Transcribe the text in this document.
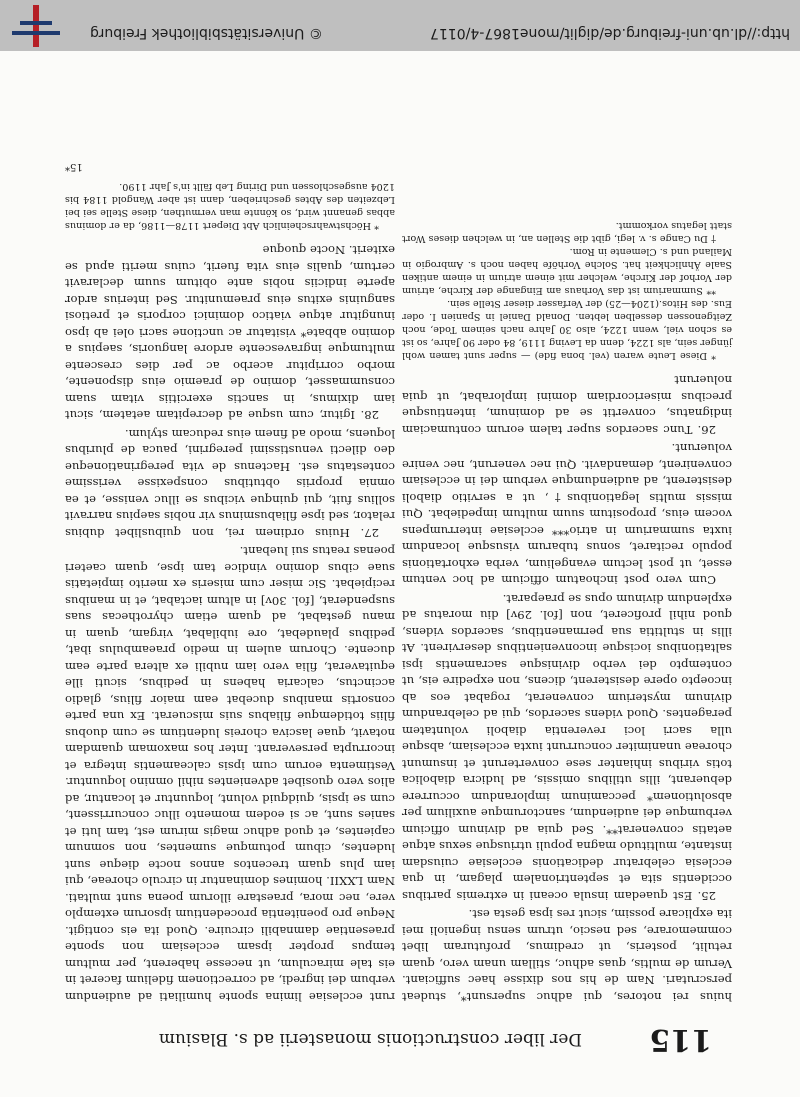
115
Der liber constructionis monasterii ad s. Blasium

huius rei notores, qui adhuc supersunt*, studeat perscrutari. Nam de his nos dixisse haec sufficiant. Verum de multis, quas adhuc, stillam unam vero, quam retulit, posteris, ut credimus, profuturam libet commemorare, sed nescio, utrum sensu ingenioli mei ita explicare possim, sicut res ipsa gesta est.

25. Est quaedam insula oceani in extremis partibus occidentis sita et septentrionalem plagam, in qua ecclesia celebratur dedicationis ecclesiae cuiusdam instante, multitudo magna populi utriusque sexus atque aetatis convenerat**. Sed quia ad divinum officium verbumque dei audiendum, sanctorumque auxilium per absolutionem* peccaminum implorandum occurrere debuerant, illis utilibus omissis, ad ludicra diabolica totis viribus inhianter sese converterunt et insumunt choreae unanimiter concurrunt iuxta ecclesiam, absque ulla sacri loci reverentia diaboli voluntatem peragentes. Quod videns sacerdos, qui ad celebrandum divinum mysterium convenerat, rogabat eos ab incoepto opere desisterent, dicens, non expedire eis, ut contempto dei verbo divinisque sacramentis ipsi saltationibus iocisque inconvenientibus deservirent. At illis in stultitia sua permanentibus, sacerdos videns, quod nihil proficeret, non [fol. 29v] diu moratus ad explendum divinum opus se praeparat.

Cum vero post inchoatum officium ad hoc ventum esset, ut post lectum evangelium, verba exhortationis populo recitaret, sonus tubarum visusque locandum iuxta summarium in atrio*** ecclesiae interrumpens vocem eius, propositum suum multum impediebat. Qui missis multis legationibus†, ut a servitio diaboli desisterent, ad audiendumque verbum dei in ecclesiam convenirent, demandavit. Qui nec venerunt, nec venire voluerunt.

26. Tunc sacerdos super talem eorum contumaciam indignatus, convertit se ad dominum, intentiusque precibus misericordiam domini implorabat, ut quia noluerunt

* Diese Leute waren (vel. bona fide) — super sunt tamen wohl jünger sein, als 1224, denn da Leving 1119, 84 oder 90 Jahre, so ist es schon viel, wenn 1224, also 30 Jahre nach seinem Tode, noch Zeitgenossen desselben lebten. Donald Daniel in Spanien I. oder Eus. des Hitos.(1204—25) der Verfasser dieser Stelle sein.

** Summarium ist das Vorhaus am Eingange der Kirche, atrium der Vorhof der Kirche, welcher mit einem atrium in einem antiken Saale Ähnlichkeit hat. Solche Vorhöfe haben noch s. Ambrogio in Mailand und s. Clemente in Rom.

† Du Cange s. v. legi, gibt die Stellen an, in welchen dieses Wort statt legatus vorkommt.

runt ecclesiae limina sponte humiliati ad audiendum verbum dei ingredi, ad correctionem fidelium faceret in eis tale miraculum, ut necesse haberent, per multum tempus propter ipsam ecclesiam non sponte praesentiae damnabili circuire. Quod ita eis contigit. Neque pro poenitentia procedentium ipsorum extemplo vere, nec mora, praestare illorum poena sunt multati. Nam LXXII. homines dominantur in circulo choreae, qui iam plus quam trecentos annos nocte dieque sunt ludentes, cibum potumque sumentes, non somnum capientes, et quod adhuc magis mirum est, tam luti et sanies sunt, ac si eodem momento illuc concurrissent, cum se ipsis, quidquid volunt, loquuntur et locantur, ad alios vero quosibet advenientes nihil omnino loquuntur. Vestimenta eorum cum ipsis calceamentis integra et incorrupta perseverant. Inter hos maxomam quamdam notavit, quae lasciva choreis ludentium se cum duobus filiis totidemque filiabus suis miscuerat. Ex una parte consortis manibus ducebat eam maior filius, gladio accinctus, calcaria habens in pedibus, sicuti ille equitaverat, filia vero iam nubili ex altera parte eam ducente. Chorum aulem in medio praeambulus ibat, pedibus plaudebat, ore iubilabat, virgam, quam in manu gestabat, ad quam etiam chyrothecas suas suspenderat, [fol. 30v] in altum iactabat, et in manibus recipiebat. Sic miser cum miseris ex merito impietatis suae cibus domino vindice tam ipse, quam caeteri poenas reatus sui luebant.

27. Huius ordinem rei, non quibuslibet dubius relator, sed ipse filiabusminus vir nobis saepius narravit sollius fuit, qui quinque vicibus se illuc venisse, et ea omnia propriis obtutibus conspexisse verissime contestatus est. Hactenus de vita peregrinationeque deo dilecti venustissimi peregrini, pauca de pluribus loquens, modo ad finem eius reducam stylum.

28. Igitur, cum usque ad decrepitam aetatem, sicut iam diximus, in sanctis exercitiis vitam suam consummasset, domino de praemio eius disponente, morbo corripitur acerbo ac per dies crescente multumque ingravescente ardore languoris, saepius a domino abbate* visitatur ac unctione sacri olei ab ipso inungitur atque viatico dominici corporis et pretiosi sanguinis exitus eius praemunitur. Sed interius ardor aperte indiciis nobis ante obitum suum declaravit certum, qualis eius vita fuerit, cuius meriti apud se exiterit. Nocte quoque

* Höchstwahrscheinlich Abt Diepert 1178—1186, da er dominus abbas genannt wird, so könnte man vermuthen, diese Stelle sei bei Lebzeiten des Abtes geschrieben, dann ist aber Wangold 1184 bis 1204 ausgeschlossen und Diring Leb fällt in's Jahr 1190.

15*
http://dl.ub.uni-freiburg.de/diglit/mone1867-4/0117
© Universitätsbibliothek Freiburg
